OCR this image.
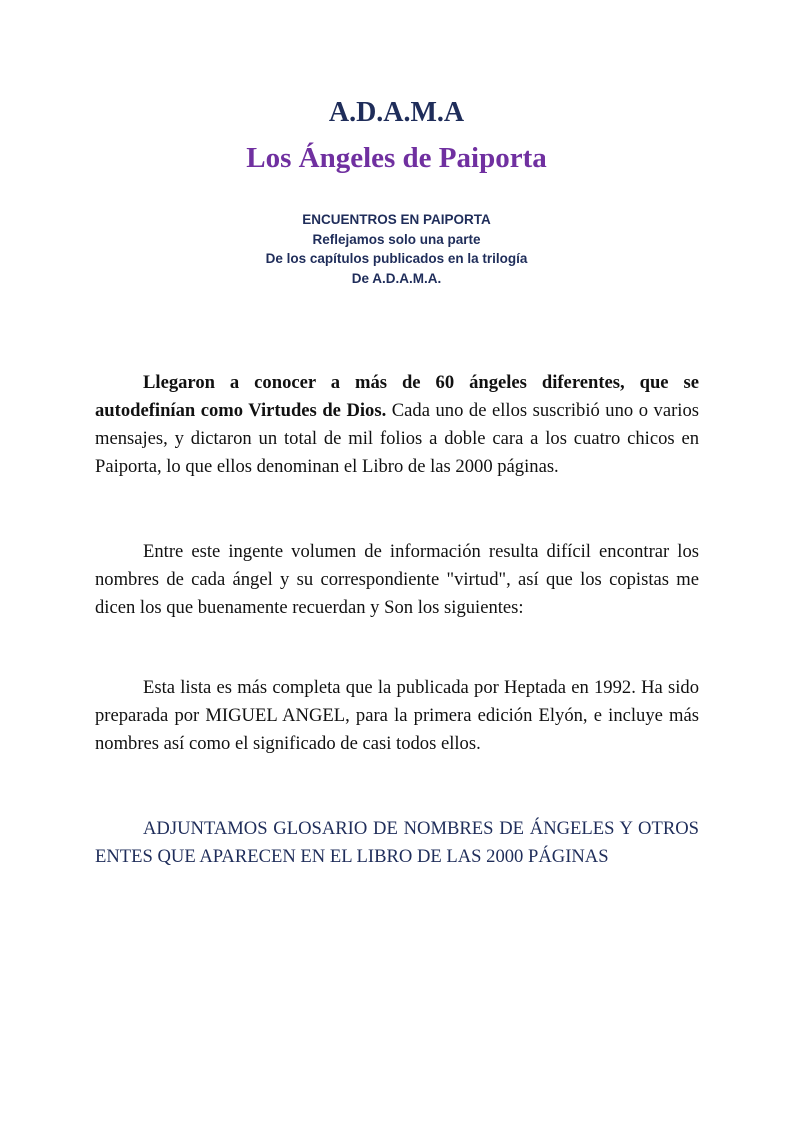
A.D.A.M.A
Los Ángeles de Paiporta
ENCUENTROS EN PAIPORTA
Reflejamos solo una parte
De los capítulos publicados en la trilogía
De A.D.A.M.A.

Llegaron a conocer a más de 60 ángeles diferentes, que se autodefinían como Virtudes de Dios. Cada uno de ellos suscribió uno o varios mensajes, y dictaron un total de mil folios a doble cara a los cuatro chicos en Paiporta, lo que ellos denominan el Libro de las 2000 páginas.

Entre este ingente volumen de información resulta difícil encontrar los nombres de cada ángel y su correspondiente "virtud", así que los copistas me dicen los que buenamente recuerdan y Son los siguientes:

Esta lista es más completa que la publicada por Heptada en 1992. Ha sido preparada por MIGUEL ANGEL, para la primera edición Elyón, e incluye más nombres así como el significado de casi todos ellos.

ADJUNTAMOS GLOSARIO DE NOMBRES DE ÁNGELES Y OTROS ENTES QUE APARECEN EN EL LIBRO DE LAS 2000 PÁGINAS
